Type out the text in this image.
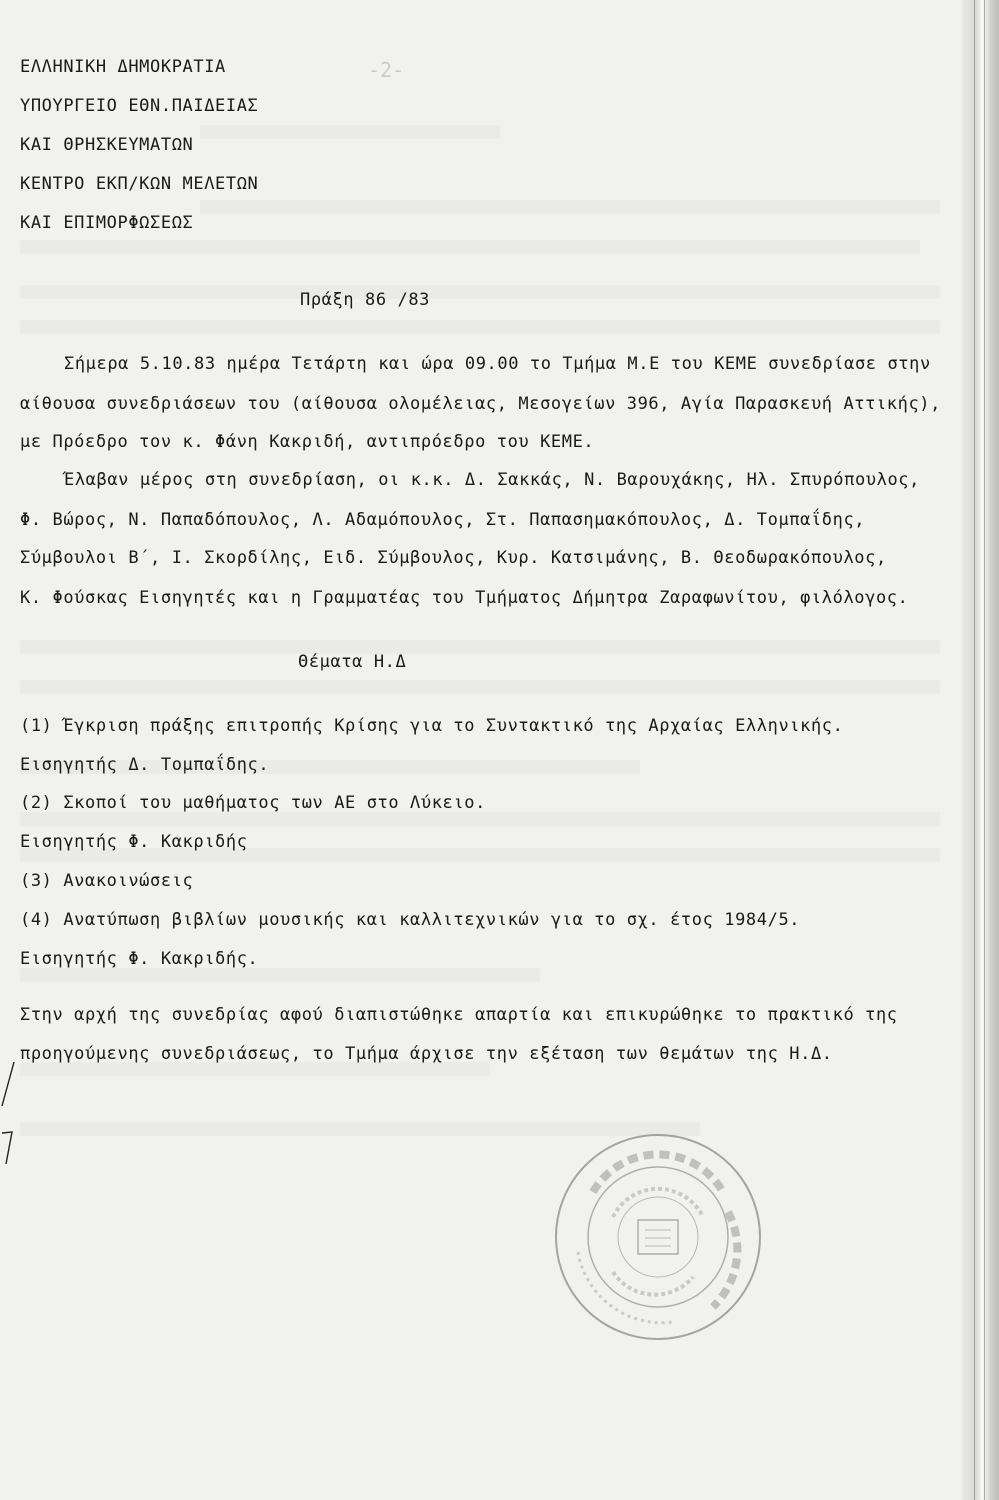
-2-
ΕΛΛΗΝΙΚΗ ΔΗΜΟΚΡΑΤΙΑ
ΥΠΟΥΡΓΕΙΟ ΕΘΝ.ΠΑΙΔΕΙΑΣ
ΚΑΙ ΘΡΗΣΚΕΥΜΑΤΩΝ
ΚΕΝΤΡΟ ΕΚΠ/ΚΩΝ ΜΕΛΕΤΩΝ
ΚΑΙ ΕΠΙΜΟΡΦΩΣΕΩΣ
Πράξη 86 /83
Σήμερα 5.10.83 ημέρα Τετάρτη και ώρα 09.00 το Τμήμα Μ.Ε του ΚΕΜΕ συνεδρίασε στην
αίθουσα συνεδριάσεων του (αίθουσα ολομέλειας, Μεσογείων 396, Αγία Παρασκευή Αττικής),
με Πρόεδρο τον κ. Φάνη Κακριδή, αντιπρόεδρο του ΚΕΜΕ.
Έλαβαν μέρος στη συνεδρίαση, οι κ.κ. Δ. Σακκάς, Ν. Βαρουχάκης, Ηλ. Σπυρόπουλος,
Φ. Βώρος, Ν. Παπαδόπουλος, Λ. Αδαμόπουλος, Στ. Παπασημακόπουλος, Δ. Τομπαΐδης,
Σύμβουλοι Β΄, Ι. Σκορδίλης, Ειδ. Σύμβουλος, Κυρ. Κατσιμάνης, Β. Θεοδωρακόπουλος,
Κ. Φούσκας Εισηγητές και η Γραμματέας του Τμήματος Δήμητρα Ζαραφωνίτου, φιλόλογος.
Θέματα Η.Δ
(1) Έγκριση πράξης επιτροπής Κρίσης για το Συντακτικό της Αρχαίας Ελληνικής.
Εισηγητής Δ. Τομπαΐδης.
(2) Σκοποί του μαθήματος των ΑΕ στο Λύκειο.
Εισηγητής Φ. Κακριδής
(3) Ανακοινώσεις
(4) Ανατύπωση βιβλίων μουσικής και καλλιτεχνικών για το σχ. έτος 1984/5.
Εισηγητής Φ. Κακριδής.
Στην αρχή της συνεδρίας αφού διαπιστώθηκε απαρτία και επικυρώθηκε το πρακτικό της
προηγούμενης συνεδριάσεως, το Τμήμα άρχισε την εξέταση των θεμάτων της Η.Δ.
